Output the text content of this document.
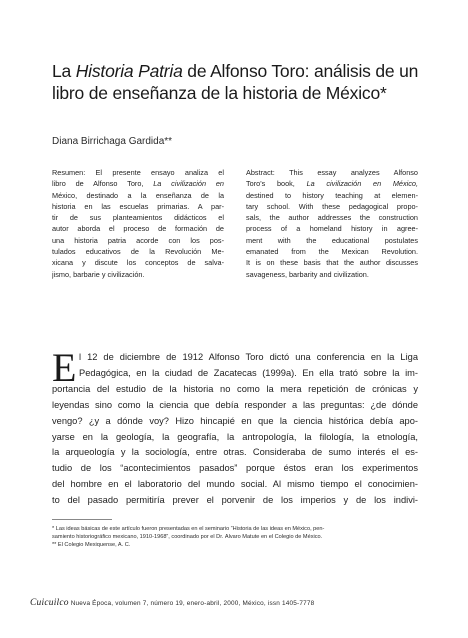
La Historia Patria de Alfonso Toro: análisis de un
libro de enseñanza de la historia de México*
Diana Birrichaga Gardida**
Resumen: El presente ensayo analiza el
libro de Alfonso Toro, La civilización en
México, destinado a la enseñanza de la
historia en las escuelas primarias. A par-
tir de sus planteamientos didácticos el
autor aborda el proceso de formación de
una historia patria acorde con los pos-
tulados educativos de la Revolución Me-
xicana y discute los conceptos de salva-
jismo, barbarie y civilización.
Abstract: This essay analyzes Alfonso
Toro's book, La civilización en México,
destined to history teaching at elemen-
tary school. With these pedagogical propo-
sals, the author addresses the construction
process of a homeland history in agree-
ment with the educational postulates
emanated from the Mexican Revolution.
It is on these basis that the author discusses
savageness, barbarity and civilization.
E l 12 de diciembre de 1912 Alfonso Toro dictó una conferencia en la Liga
Pedagógica, en la ciudad de Zacatecas (1999a). En ella trató sobre la im-
portancia del estudio de la historia no como la mera repetición de crónicas y
leyendas sino como la ciencia que debía responder a las preguntas: ¿de dónde
vengo? ¿y a dónde voy? Hizo hincapié en que la ciencia histórica debía apo-
yarse en la geología, la geografía, la antropología, la filología, la etnología,
la arqueología y la sociología, entre otras. Consideraba de sumo interés el es-
tudio de los “acontecimientos pasados” porque éstos eran los experimentos
del hombre en el laboratorio del mundo social. Al mismo tiempo el conocimien-
to del pasado permitiría prever el porvenir de los imperios y de los indivi-
* Las ideas básicas de este artículo fueron presentadas en el seminario “Historia de las ideas en México, pen-
samiento historiográfico mexicano, 1910-1968”, coordinado por el Dr. Álvaro Matute en el Colegio de México.
** El Colegio Mexiquense, A. C.
Cuicuilco Nueva Época, volumen 7, número 19, enero-abril, 2000, México, issn 1405-7778
